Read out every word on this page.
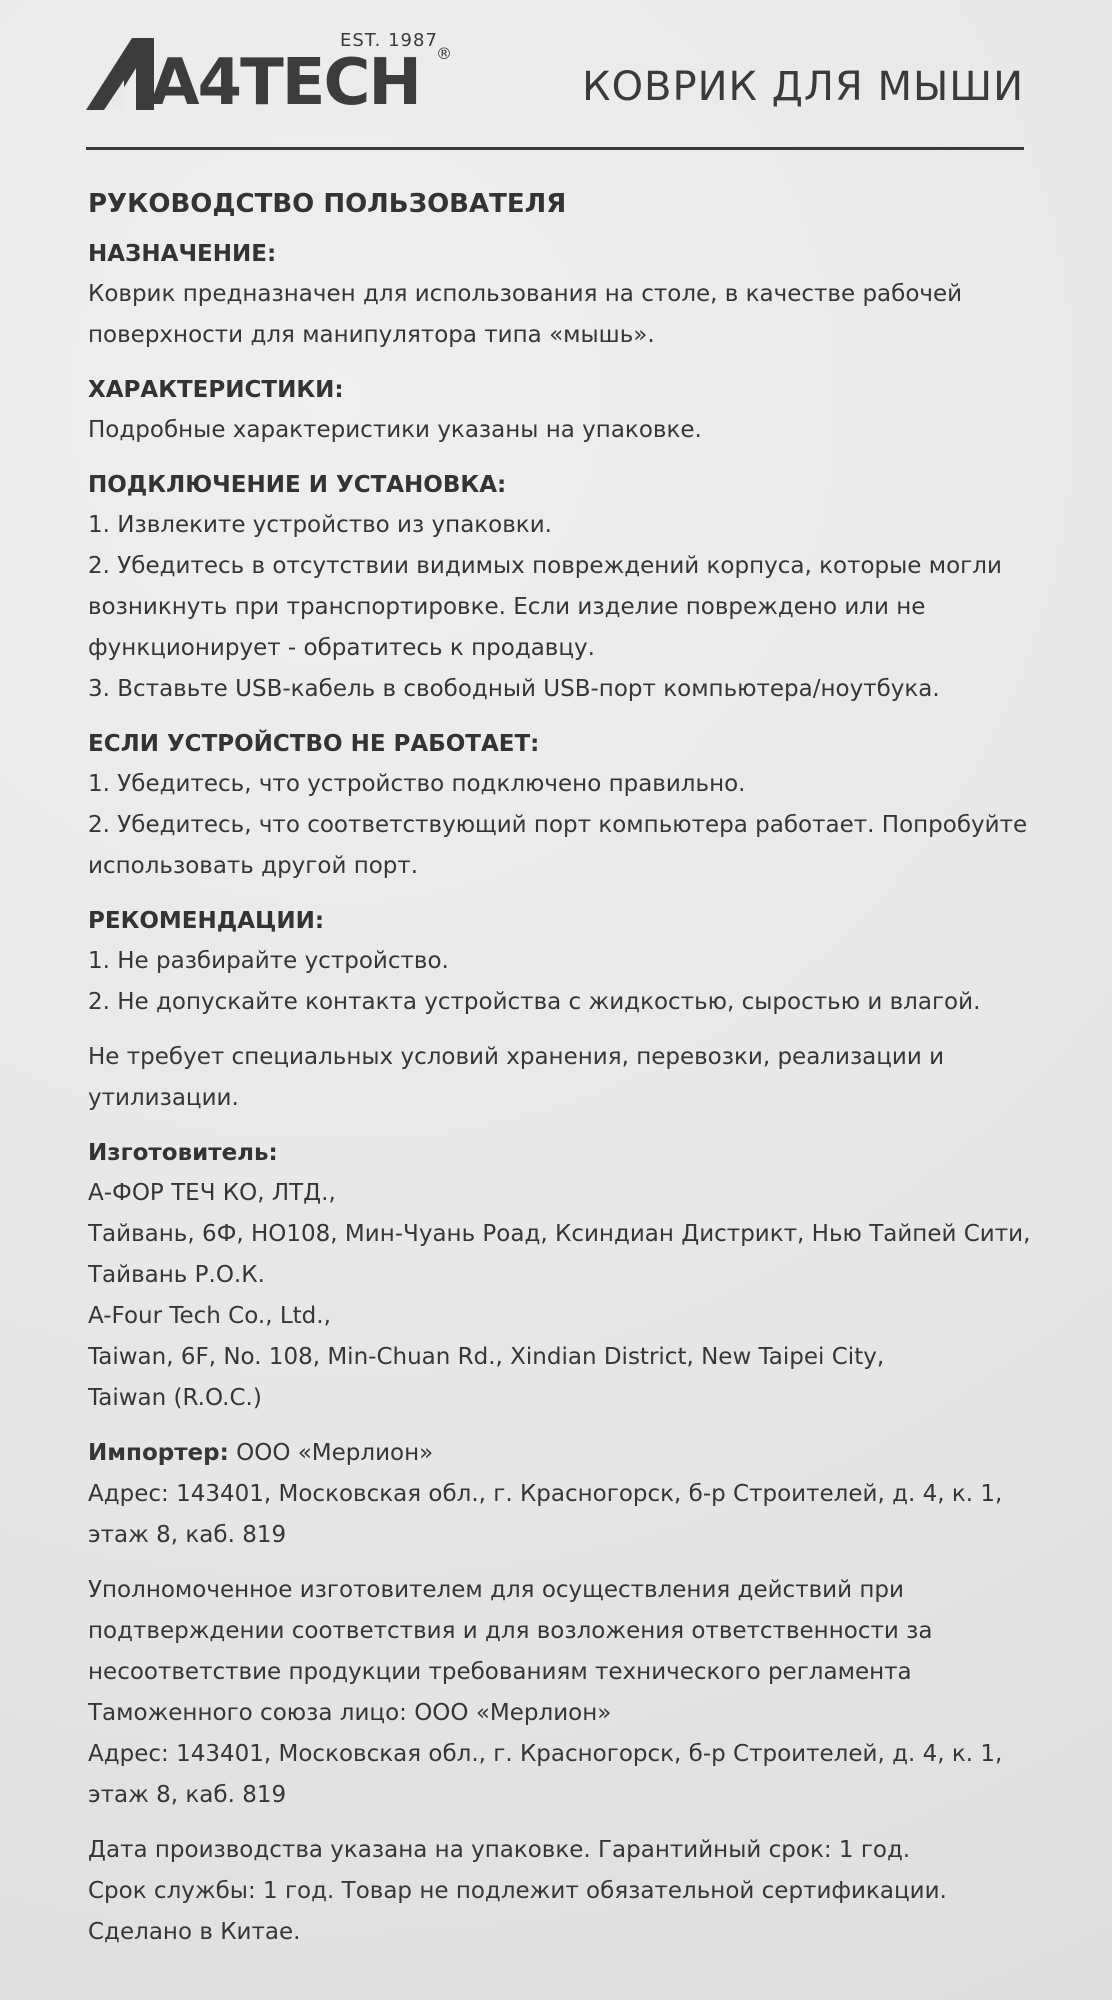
A4TECH
EST. 1987
®
КОВРИК ДЛЯ МЫШИ
РУКОВОДСТВО ПОЛЬЗОВАТЕЛЯ
НАЗНАЧЕНИЕ:
Коврик предназначен для использования на столе, в качестве рабочей
поверхности для манипулятора типа «мышь».
ХАРАКТЕРИСТИКИ:
Подробные характеристики указаны на упаковке.
ПОДКЛЮЧЕНИЕ И УСТАНОВКА:
1. Извлеките устройство из упаковки.
2. Убедитесь в отсутствии видимых повреждений корпуса, которые могли
возникнуть при транспортировке. Если изделие повреждено или не
функционирует - обратитесь к продавцу.
3. Вставьте USB-кабель в свободный USB-порт компьютера/ноутбука.
ЕСЛИ УСТРОЙСТВО НЕ РАБОТАЕТ:
1. Убедитесь, что устройство подключено правильно.
2. Убедитесь, что соответствующий порт компьютера работает. Попробуйте
использовать другой порт.
РЕКОМЕНДАЦИИ:
1. Не разбирайте устройство.
2. Не допускайте контакта устройства с жидкостью, сыростью и влагой.
Не требует специальных условий хранения, перевозки, реализации и
утилизации.
Изготовитель:
А-ФОР ТЕЧ КО, ЛТД.,
Тайвань, 6Ф, НО108, Мин-Чуань Роад, Ксиндиан Дистрикт, Нью Тайпей Сити,
Тайвань Р.О.К.
A-Four Tech Co., Ltd.,
Taiwan, 6F, No. 108, Min-Chuan Rd., Xindian District, New Taipei City,
Taiwan (R.O.C.)
Импортер: ООО «Мерлион»
Адрес: 143401, Московская обл., г. Красногорск, б-р Строителей, д. 4, к. 1,
этаж 8, каб. 819
Уполномоченное изготовителем для осуществления действий при
подтверждении соответствия и для возложения ответственности за
несоответствие продукции требованиям технического регламента
Таможенного союза лицо: ООО «Мерлион»
Адрес: 143401, Московская обл., г. Красногорск, б-р Строителей, д. 4, к. 1,
этаж 8, каб. 819
Дата производства указана на упаковке. Гарантийный срок: 1 год.
Срок службы: 1 год. Товар не подлежит обязательной сертификации.
Сделано в Китае.
